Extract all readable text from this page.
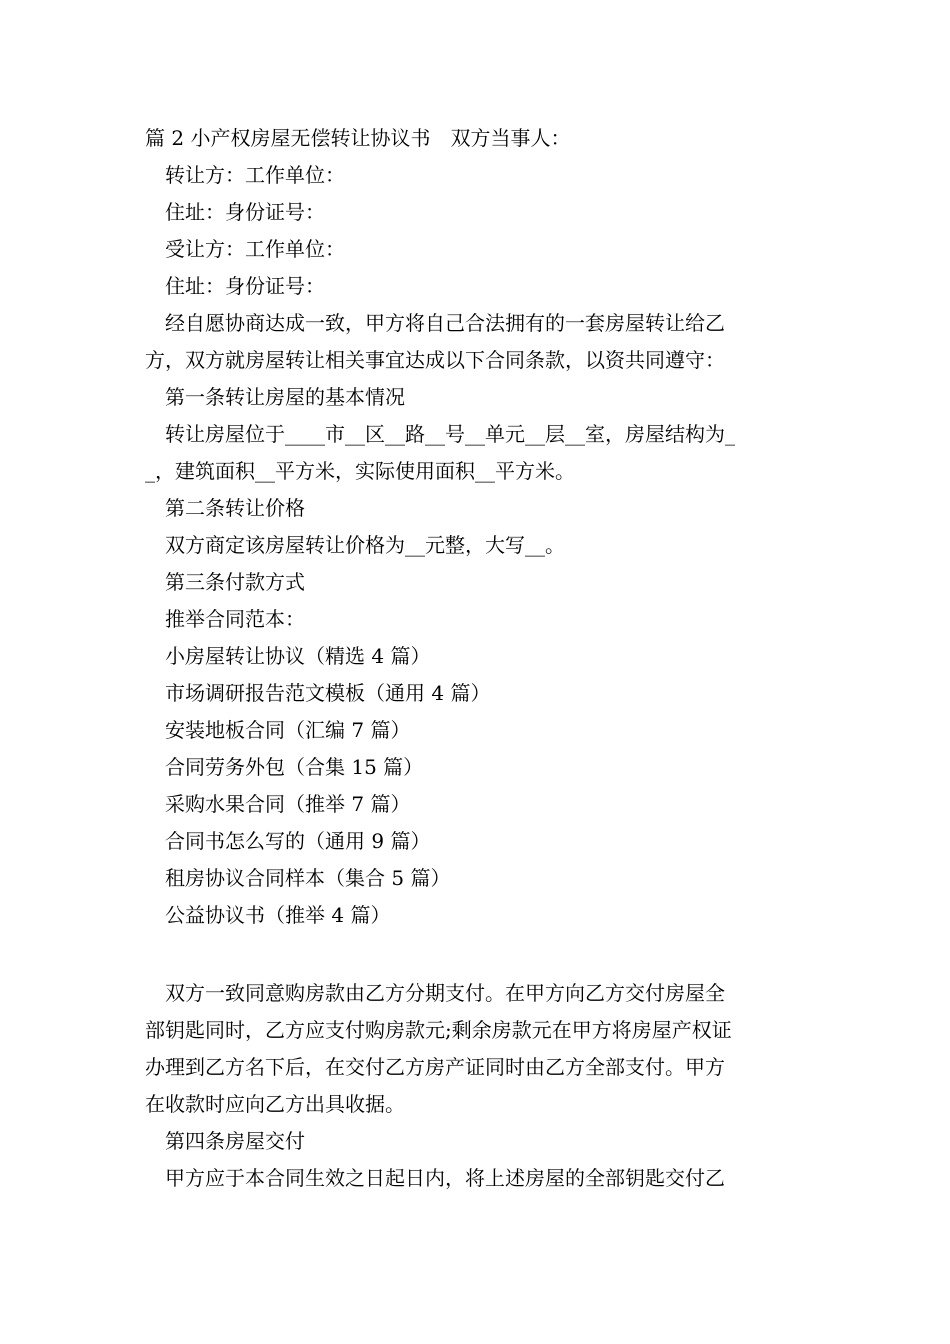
篇 2 小产权房屋无偿转让协议书　双方当事人：
转让方：工作单位：
住址：身份证号：
受让方：工作单位：
住址：身份证号：
经自愿协商达成一致，甲方将自己合法拥有的一套房屋转让给乙
方，双方就房屋转让相关事宜达成以下合同条款，以资共同遵守：
第一条转让房屋的基本情况
转让房屋位于____市__区__路__号__单元__层__室，房屋结构为_
_，建筑面积__平方米，实际使用面积__平方米。
第二条转让价格
双方商定该房屋转让价格为__元整，大写__。
第三条付款方式
推举合同范本：
小房屋转让协议（精选 4 篇）
市场调研报告范文模板（通用 4 篇）
安装地板合同（汇编 7 篇）
合同劳务外包（合集 15 篇）
采购水果合同（推举 7 篇）
合同书怎么写的（通用 9 篇）
租房协议合同样本（集合 5 篇）
公益协议书（推举 4 篇）
双方一致同意购房款由乙方分期支付。在甲方向乙方交付房屋全
部钥匙同时，乙方应支付购房款元;剩余房款元在甲方将房屋产权证
办理到乙方名下后，在交付乙方房产证同时由乙方全部支付。甲方
在收款时应向乙方出具收据。
第四条房屋交付
甲方应于本合同生效之日起日内，将上述房屋的全部钥匙交付乙
